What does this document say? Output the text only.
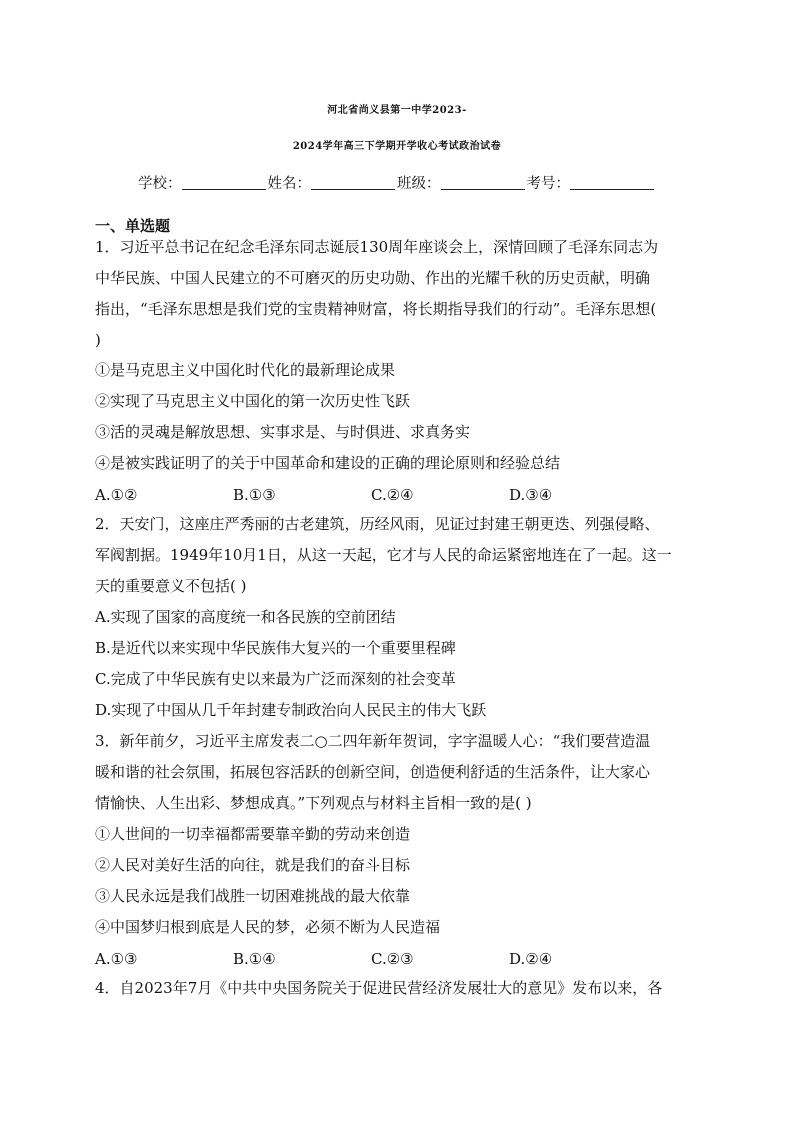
河北省尚义县第一中学2023-
2024学年高三下学期开学收心考试政治试卷
学校：	姓名：	班级：	考号：
一、单选题
1．习近平总书记在纪念毛泽东同志诞辰130周年座谈会上，深情回顾了毛泽东同志为
中华民族、中国人民建立的不可磨灭的历史功勋、作出的光耀千秋的历史贡献，明确
指出，“毛泽东思想是我们党的宝贵精神财富，将长期指导我们的行动”。毛泽东思想(
)
①是马克思主义中国化时代化的最新理论成果
②实现了马克思主义中国化的第一次历史性飞跃
③活的灵魂是解放思想、实事求是、与时俱进、求真务实
④是被实践证明了的关于中国革命和建设的正确的理论原则和经验总结
A.①②	B.①③	C.②④	D.③④
2．天安门，这座庄严秀丽的古老建筑，历经风雨，见证过封建王朝更迭、列强侵略、
军阀割据。1949年10月1日，从这一天起，它才与人民的命运紧密地连在了一起。这一
天的重要意义不包括( )
A.实现了国家的高度统一和各民族的空前团结
B.是近代以来实现中华民族伟大复兴的一个重要里程碑
C.完成了中华民族有史以来最为广泛而深刻的社会变革
D.实现了中国从几千年封建专制政治向人民民主的伟大飞跃
3．新年前夕，习近平主席发表二○二四年新年贺词，字字温暖人心：“我们要营造温
暖和谐的社会氛围，拓展包容活跃的创新空间，创造便利舒适的生活条件，让大家心
情愉快、人生出彩、梦想成真。”下列观点与材料主旨相一致的是( )
①人世间的一切幸福都需要靠辛勤的劳动来创造
②人民对美好生活的向往，就是我们的奋斗目标
③人民永远是我们战胜一切困难挑战的最大依靠
④中国梦归根到底是人民的梦，必须不断为人民造福
A.①③	B.①④	C.②③	D.②④
4．自2023年7月《中共中央国务院关于促进民营经济发展壮大的意见》发布以来，各
